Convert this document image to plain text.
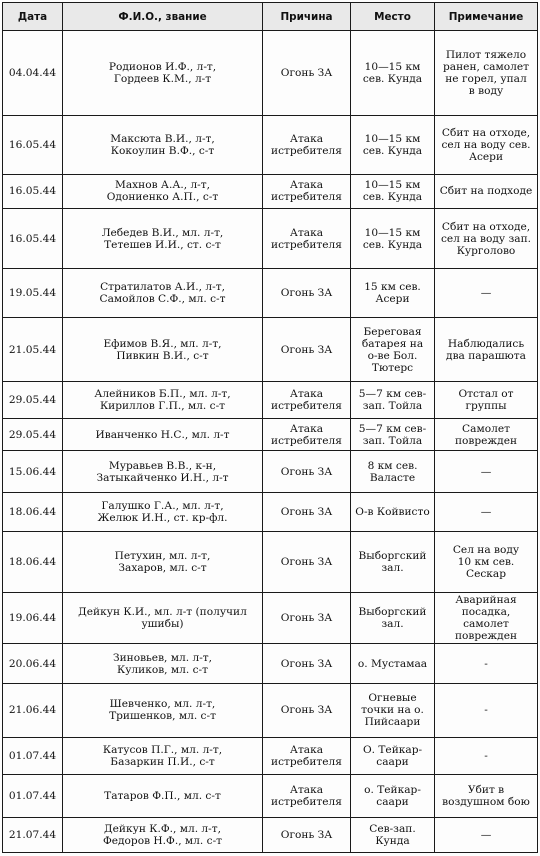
Дата	Ф.И.О., звание	Причина	Место	Примечание
04.04.44	Родионов И.Ф., л-т,
Гордеев К.М., л-т	Огонь ЗА	10—15 км
сев. Кунда	Пилот тяжело
ранен, самолет
не горел, упал
в воду

16.05.44	Максюта В.И., л-т,
Кокоулин В.Ф., с-т	Атака
истребителя	10—15 км
сев. Кунда	Сбит на отходе,
сел на воду сев.
Асери

16.05.44	Махнов А.А., л-т,
Одониенко А.П., с-т	Атака
истребителя	10—15 км
сев. Кунда	Сбит на подходе

16.05.44	Лебедев В.И., мл. л-т,
Тетешев И.И., ст. с-т	Атака
истребителя	10—15 км
сев. Кунда	Сбит на отходе,
сел на воду зап.
Курголово

19.05.44	Стратилатов А.И., л-т,
Самойлов С.Ф., мл. с-т	Огонь ЗА	15 км сев.
Асери	—

21.05.44	Ефимов В.Я., мл. л-т,
Пивкин В.И., с-т	Огонь ЗА	Береговая
батарея на
о-ве Бол.
Тютерс	Наблюдались
два парашюта

29.05.44	Алейников Б.П., мл. л-т,
Кириллов Г.П., мл. с-т	Атака
истребителя	5—7 км сев-
зап. Тойла	Отстал от
группы

29.05.44	Иванченко Н.С., мл. л-т	Атака
истребителя	5—7 км сев-
зап. Тойла	Самолет
поврежден

15.06.44	Муравьев В.В., к-н,
Затыкайченко И.Н., л-т	Огонь ЗА	8 км сев.
Валасте	—

18.06.44	Галушко Г.А., мл. л-т,
Желюк И.Н., ст. кр-фл.	Огонь ЗА	О-в Койвисто	—

18.06.44	Петухин, мл. л-т,
Захаров, мл. с-т	Огонь ЗА	Выборгский
зал.	Сел на воду
10 км сев.
Сескар

19.06.44	Дейкун К.И., мл. л-т (получил
ушибы)	Огонь ЗА	Выборгский
зал.	Аварийная
посадка, самолет
поврежден

20.06.44	Зиновьев, мл. л-т,
Куликов, мл. с-т	Огонь ЗА	о. Мустамаа	-

21.06.44	Шевченко, мл. л-т,
Тришенков, мл. с-т	Огонь ЗА	Огневые
точки на о.
Пийсаари	-

01.07.44	Катусов П.Г., мл. л-т,
Базаркин П.И., с-т	Атака
истребителя	О. Тейкар-
саари	-

01.07.44	Татаров Ф.П., мл. с-т	Атака
истребителя	о. Тейкар-
саари	Убит в
воздушном бою

21.07.44	Дейкун К.Ф., мл. л-т,
Федоров Н.Ф., мл. с-т	Огонь ЗА	Сев-зап.
Кунда	—
